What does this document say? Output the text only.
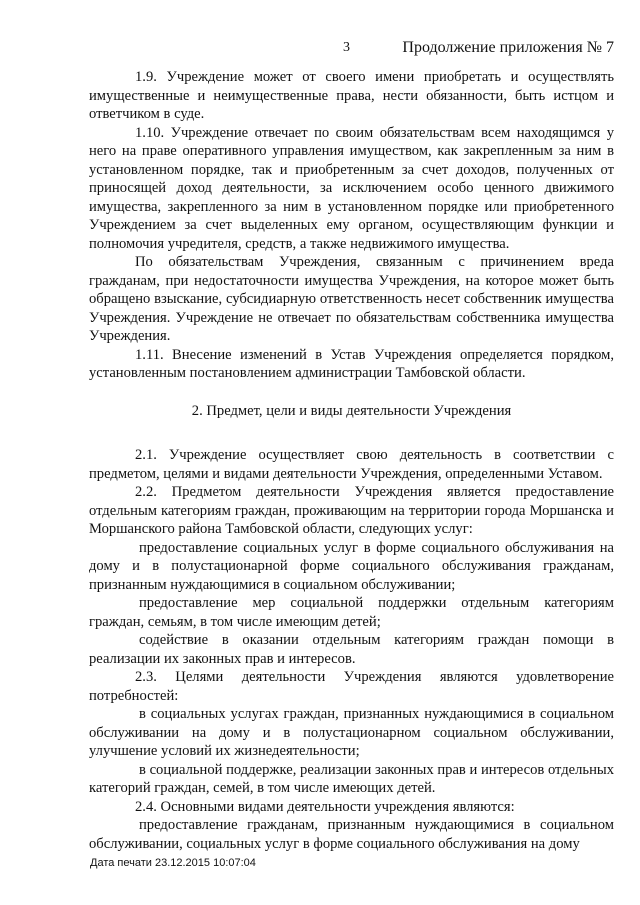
3	Продолжение приложения № 7

1.9. Учреждение может от своего имени приобретать и осуществлять имущественные и неимущественные права, нести обязанности, быть истцом и ответчиком в суде.

1.10. Учреждение отвечает по своим обязательствам всем находящимся у него на праве оперативного управления имуществом, как закрепленным за ним в установленном порядке, так и приобретенным за счет доходов, полученных от приносящей доход деятельности, за исключением особо ценного движимого имущества, закрепленного за ним в установленном порядке или приобретенного Учреждением за счет выделенных ему органом, осуществляющим функции и полномочия учредителя, средств, а также недвижимого имущества.

По обязательствам Учреждения, связанным с причинением вреда гражданам, при недостаточности имущества Учреждения, на которое может быть обращено взыскание, субсидиарную ответственность несет собственник имущества Учреждения. Учреждение не отвечает по обязательствам собственника имущества Учреждения.

1.11. Внесение изменений в Устав Учреждения определяется порядком, установленным постановлением администрации Тамбовской области.

2. Предмет, цели и виды деятельности Учреждения

2.1. Учреждение осуществляет свою деятельность в соответствии с предметом, целями и видами деятельности Учреждения, определенными Уставом.

2.2. Предметом деятельности Учреждения является предоставление отдельным категориям граждан, проживающим на территории города Моршанска и Моршанского района Тамбовской области, следующих услуг:

предоставление социальных услуг в форме социального обслуживания на дому и в полустационарной форме социального обслуживания гражданам, признанным нуждающимися в социальном обслуживании;

предоставление мер социальной поддержки отдельным категориям граждан, семьям, в том числе имеющим детей;

содействие в оказании отдельным категориям граждан помощи в реализации их законных прав и интересов.

2.3. Целями деятельности Учреждения являются удовлетворение потребностей:

в социальных услугах граждан, признанных нуждающимися в социальном обслуживании на дому и в полустационарном социальном обслуживании, улучшение условий их жизнедеятельности;

в социальной поддержке, реализации законных прав и интересов отдельных категорий граждан, семей, в том числе имеющих детей.

2.4. Основными видами деятельности учреждения являются:

предоставление гражданам, признанным нуждающимися в социальном обслуживании, социальных услуг в форме социального обслуживания на дому

Дата печати 23.12.2015 10:07:04
